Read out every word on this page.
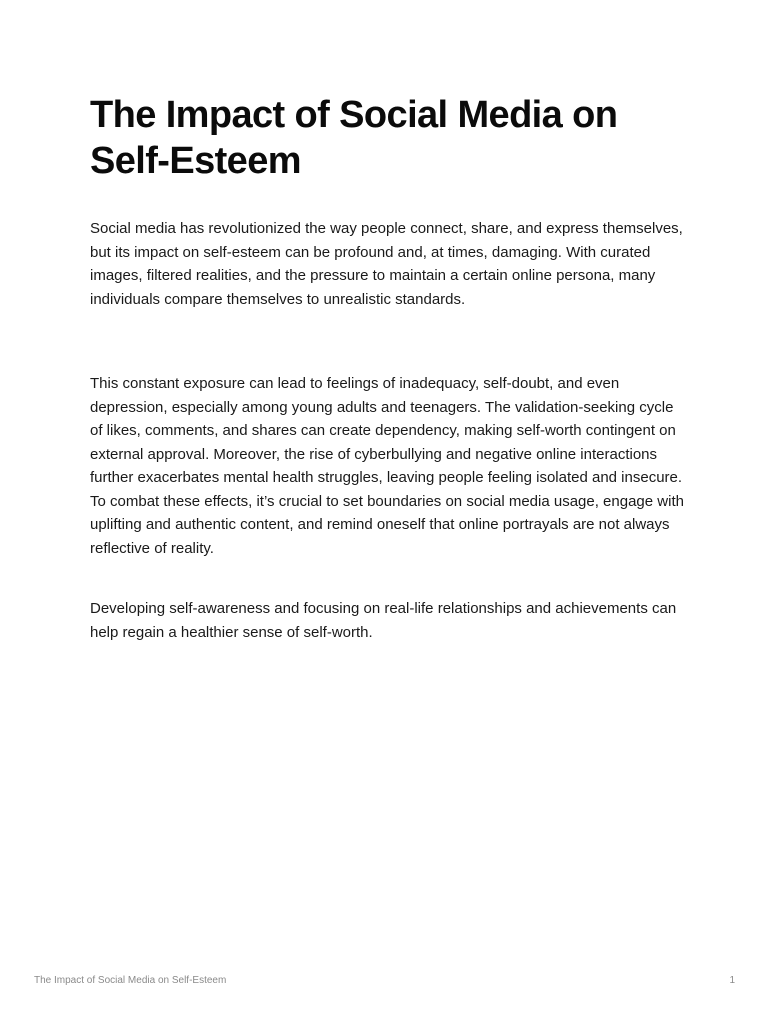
The Impact of Social Media on Self-Esteem

Social media has revolutionized the way people connect, share, and express themselves, but its impact on self-esteem can be profound and, at times, damaging. With curated images, filtered realities, and the pressure to maintain a certain online persona, many individuals compare themselves to unrealistic standards.

This constant exposure can lead to feelings of inadequacy, self-doubt, and even depression, especially among young adults and teenagers. The validation-seeking cycle of likes, comments, and shares can create dependency, making self-worth contingent on external approval. Moreover, the rise of cyberbullying and negative online interactions further exacerbates mental health struggles, leaving people feeling isolated and insecure. To combat these effects, it’s crucial to set boundaries on social media usage, engage with uplifting and authentic content, and remind oneself that online portrayals are not always reflective of reality.

Developing self-awareness and focusing on real-life relationships and achievements can help regain a healthier sense of self-worth.

The Impact of Social Media on Self-Esteem	1
